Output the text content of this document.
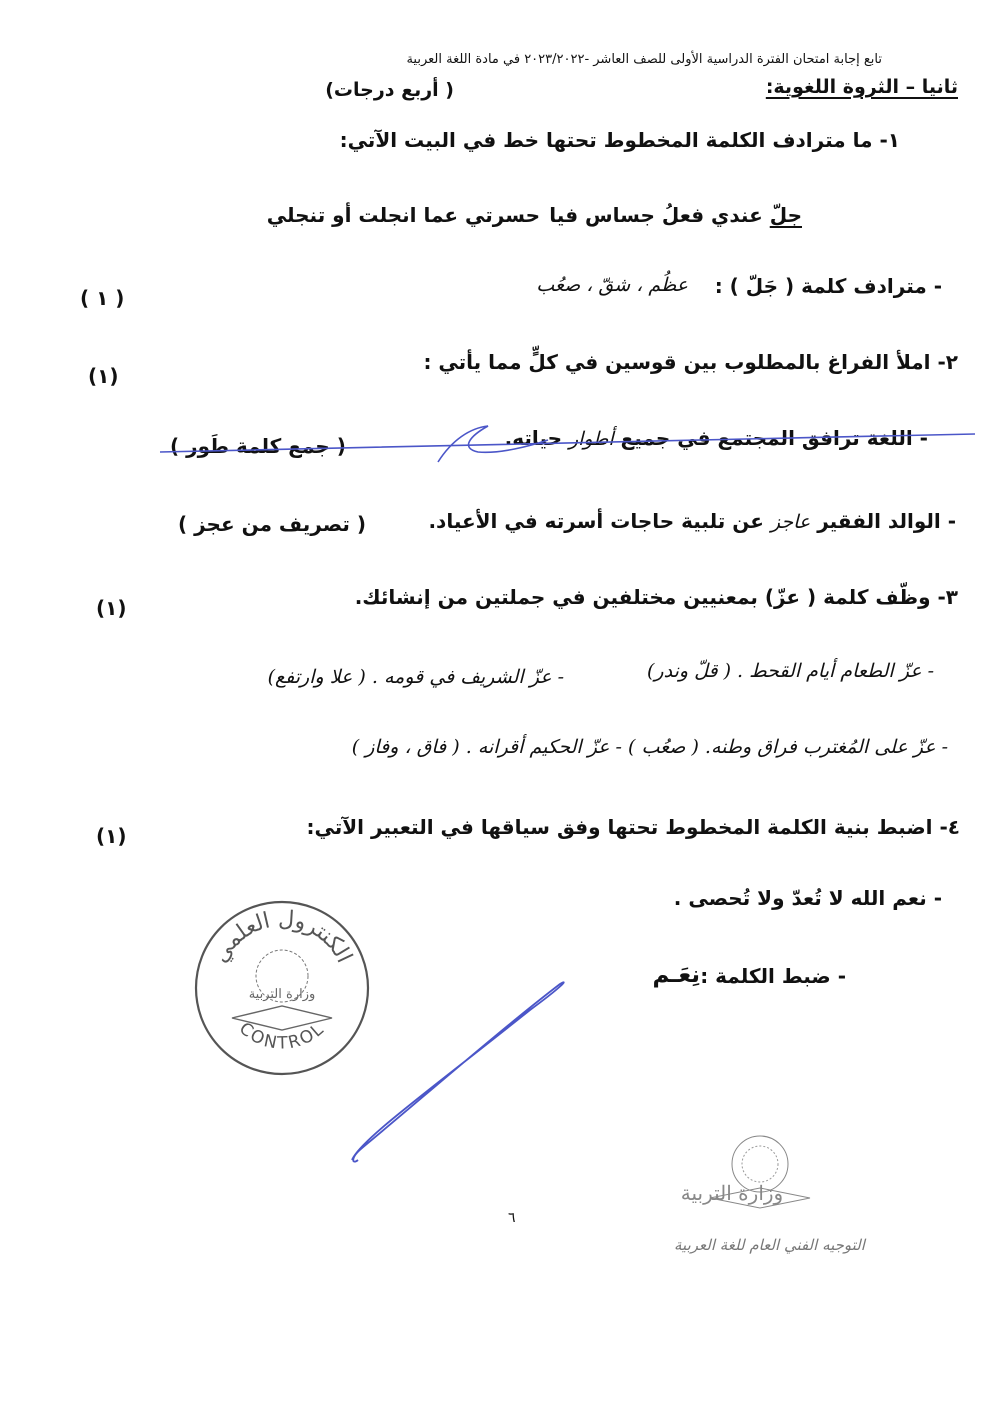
تابع إجابة امتحان الفترة الدراسية الأولى للصف العاشر -٢٠٢٣/٢٠٢٢ في مادة اللغة العربية
ثانيا – الثروة اللغوية:
( أربع درجات)
١- ما مترادف الكلمة المخطوط تحتها خط في البيت الآتي:
جلّ عندي فعلُ جساس فيا
حسرتي عما انجلت أو تنجلي
- مترادف كلمة ( جَلّ ) :
عظُم ، شقّ ، صعُب
( ١ )
٢- املأ الفراغ بالمطلوب بين قوسين في كلٍّ مما يأتي :
(١)
- اللغة ترافق المجتمع في جميع أطوار حياته.
( جمع كلمة طَور )
- الوالد الفقير عاجز عن تلبية حاجات أسرته في الأعياد.
( تصريف من عجز )
٣- وظّف كلمة ( عزّ) بمعنيين مختلفين في جملتين من إنشائك.
(١)
- عزّ الطعام أيام القحط . ( قلّ وندر)
- عزّ الشريف في قومه . ( علا وارتفع)
- عزّ على المُغترب فراق وطنه. ( صعُب ) - عزّ الحكيم أقرانه . ( فاق ، وفاز )
٤- اضبط بنية الكلمة المخطوط تحتها وفق سياقها في التعبير الآتي:
(١)
- نعم الله لا تُعدّ ولا تُحصى .
- ضبط الكلمة :
نِعَـم
الكنترول العلمي
وزارة التربية
CONTROL
وزارة التربية
التوجيه الفني العام للغة العربية
٦
